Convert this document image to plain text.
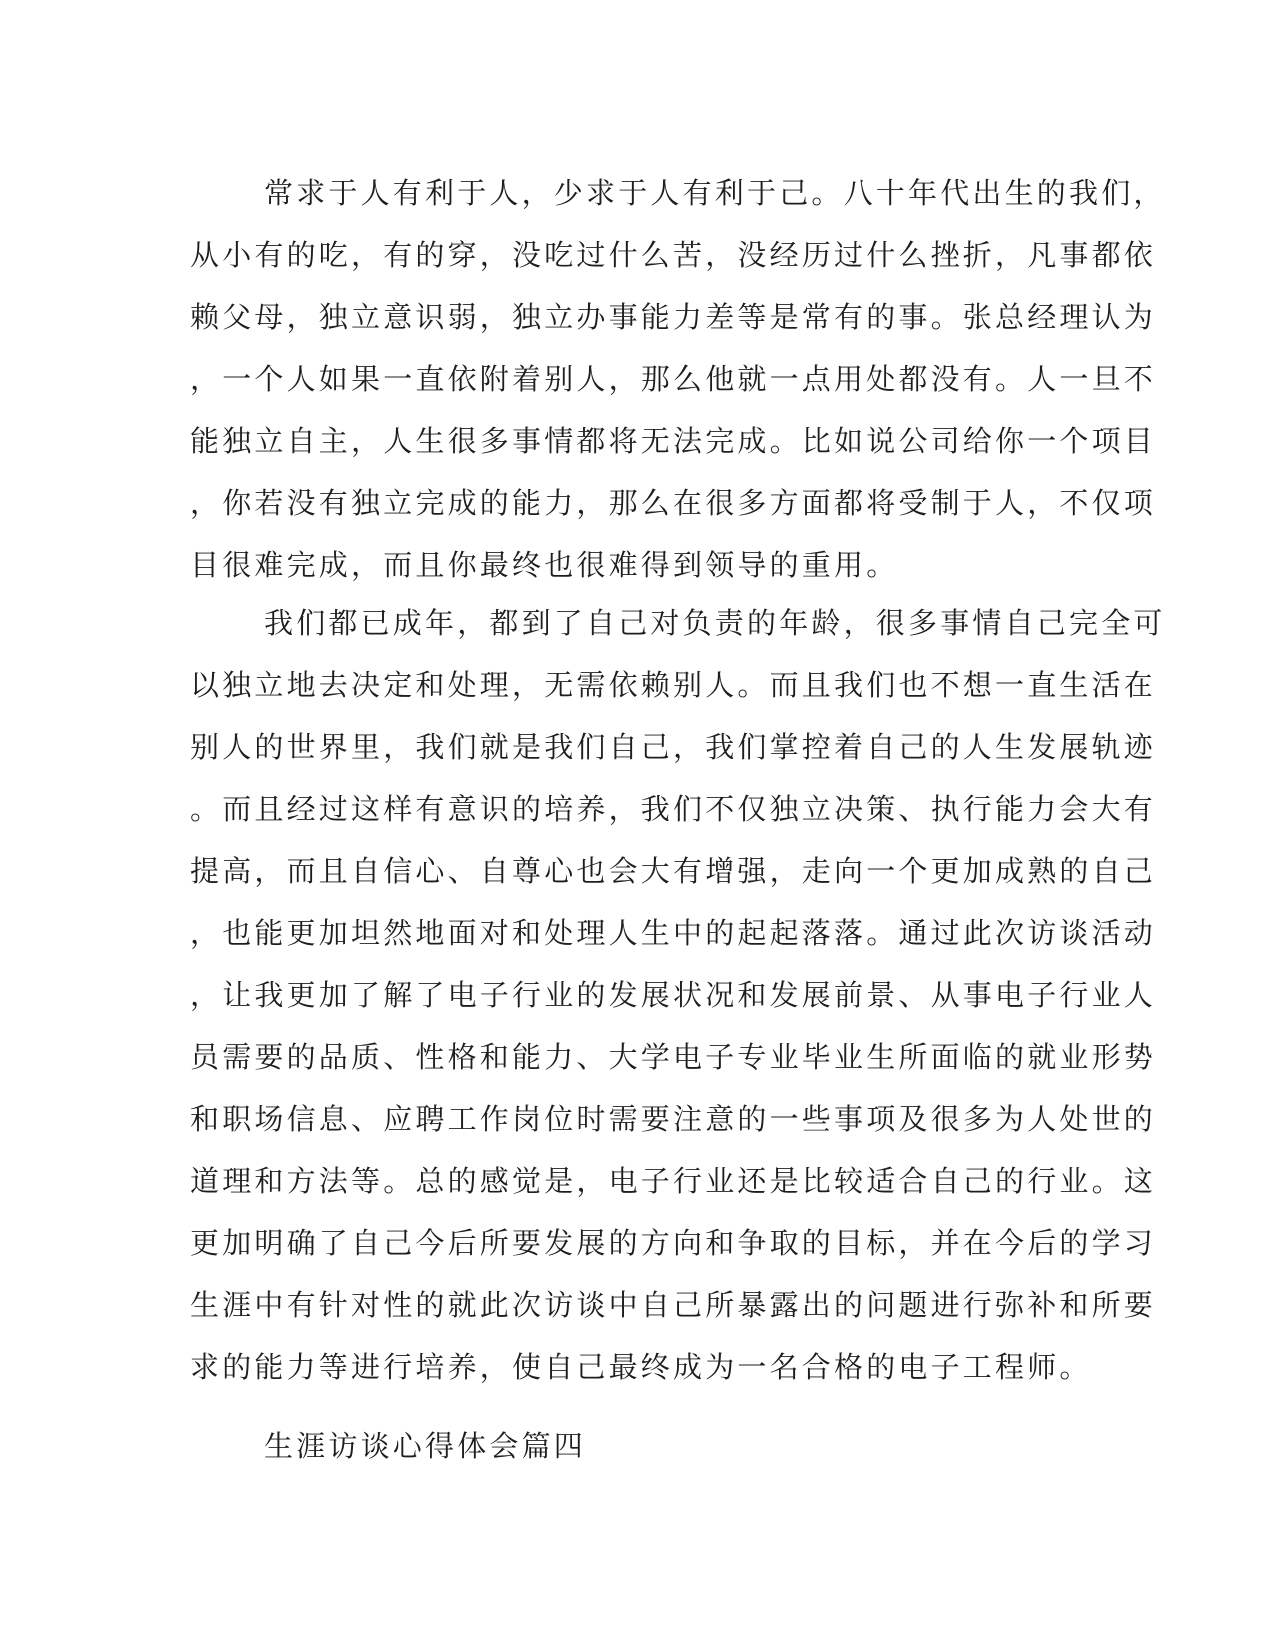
常求于人有利于人，少求于人有利于己。八十年代出生的我们，
从小有的吃，有的穿，没吃过什么苦，没经历过什么挫折，凡事都依
赖父母，独立意识弱，独立办事能力差等是常有的事。张总经理认为
，一个人如果一直依附着别人，那么他就一点用处都没有。人一旦不
能独立自主，人生很多事情都将无法完成。比如说公司给你一个项目
，你若没有独立完成的能力，那么在很多方面都将受制于人，不仅项
目很难完成，而且你最终也很难得到领导的重用。
我们都已成年，都到了自己对负责的年龄，很多事情自己完全可
以独立地去决定和处理，无需依赖别人。而且我们也不想一直生活在
别人的世界里，我们就是我们自己，我们掌控着自己的人生发展轨迹
。而且经过这样有意识的培养，我们不仅独立决策、执行能力会大有
提高，而且自信心、自尊心也会大有增强，走向一个更加成熟的自己
，也能更加坦然地面对和处理人生中的起起落落。通过此次访谈活动
，让我更加了解了电子行业的发展状况和发展前景、从事电子行业人
员需要的品质、性格和能力、大学电子专业毕业生所面临的就业形势
和职场信息、应聘工作岗位时需要注意的一些事项及很多为人处世的
道理和方法等。总的感觉是，电子行业还是比较适合自己的行业。这
更加明确了自己今后所要发展的方向和争取的目标，并在今后的学习
生涯中有针对性的就此次访谈中自己所暴露出的问题进行弥补和所要
求的能力等进行培养，使自己最终成为一名合格的电子工程师。
生涯访谈心得体会篇四
